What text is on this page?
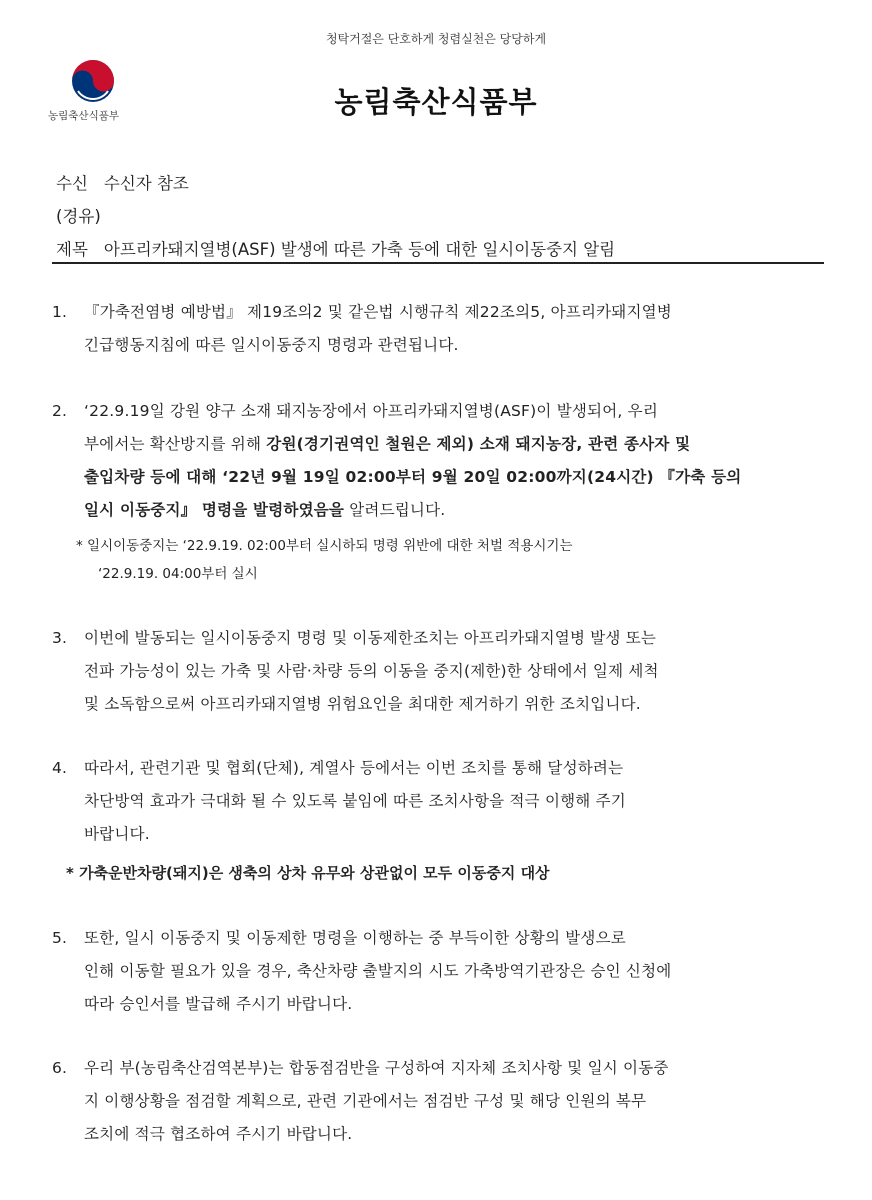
청탁거절은 단호하게 청렴실천은 당당하게
농림축산식품부	농림축산식품부
수신 수신자 참조
(경유)
제목 아프리카돼지열병(ASF) 발생에 따른 가축 등에 대한 일시이동중지 알림
1.	『가축전염병 예방법』 제19조의2 및 같은법 시행규칙 제22조의5, 아프리카돼지열병
긴급행동지침에 따른 일시이동중지 명령과 관련됩니다.
2.	‘22.9.19일 강원 양구 소재 돼지농장에서 아프리카돼지열병(ASF)이 발생되어, 우리
부에서는 확산방지를 위해 강원(경기권역인 철원은 제외) 소재 돼지농장, 관련 종사자 및
출입차량 등에 대해 ‘22년 9월 19일 02:00부터 9월 20일 02:00까지(24시간) 『가축 등의
일시 이동중지』 명령을 발령하였음을 알려드립니다.
* 일시이동중지는 ‘22.9.19. 02:00부터 실시하되 명령 위반에 대한 처벌 적용시기는
‘22.9.19. 04:00부터 실시
3.	이번에 발동되는 일시이동중지 명령 및 이동제한조치는 아프리카돼지열병 발생 또는
전파 가능성이 있는 가축 및 사람·차량 등의 이동을 중지(제한)한 상태에서 일제 세척
및 소독함으로써 아프리카돼지열병 위험요인을 최대한 제거하기 위한 조치입니다.
4.	따라서, 관련기관 및 협회(단체), 계열사 등에서는 이번 조치를 통해 달성하려는
차단방역 효과가 극대화 될 수 있도록 붙임에 따른 조치사항을 적극 이행해 주기
바랍니다.
* 가축운반차량(돼지)은 생축의 상차 유무와 상관없이 모두 이동중지 대상
5.	또한, 일시 이동중지 및 이동제한 명령을 이행하는 중 부득이한 상황의 발생으로
인해 이동할 필요가 있을 경우, 축산차량 출발지의 시도 가축방역기관장은 승인 신청에
따라 승인서를 발급해 주시기 바랍니다.
6.	우리 부(농림축산검역본부)는 합동점검반을 구성하여 지자체 조치사항 및 일시 이동중
지 이행상황을 점검할 계획으로, 관련 기관에서는 점검반 구성 및 해당 인원의 복무
조치에 적극 협조하여 주시기 바랍니다.
